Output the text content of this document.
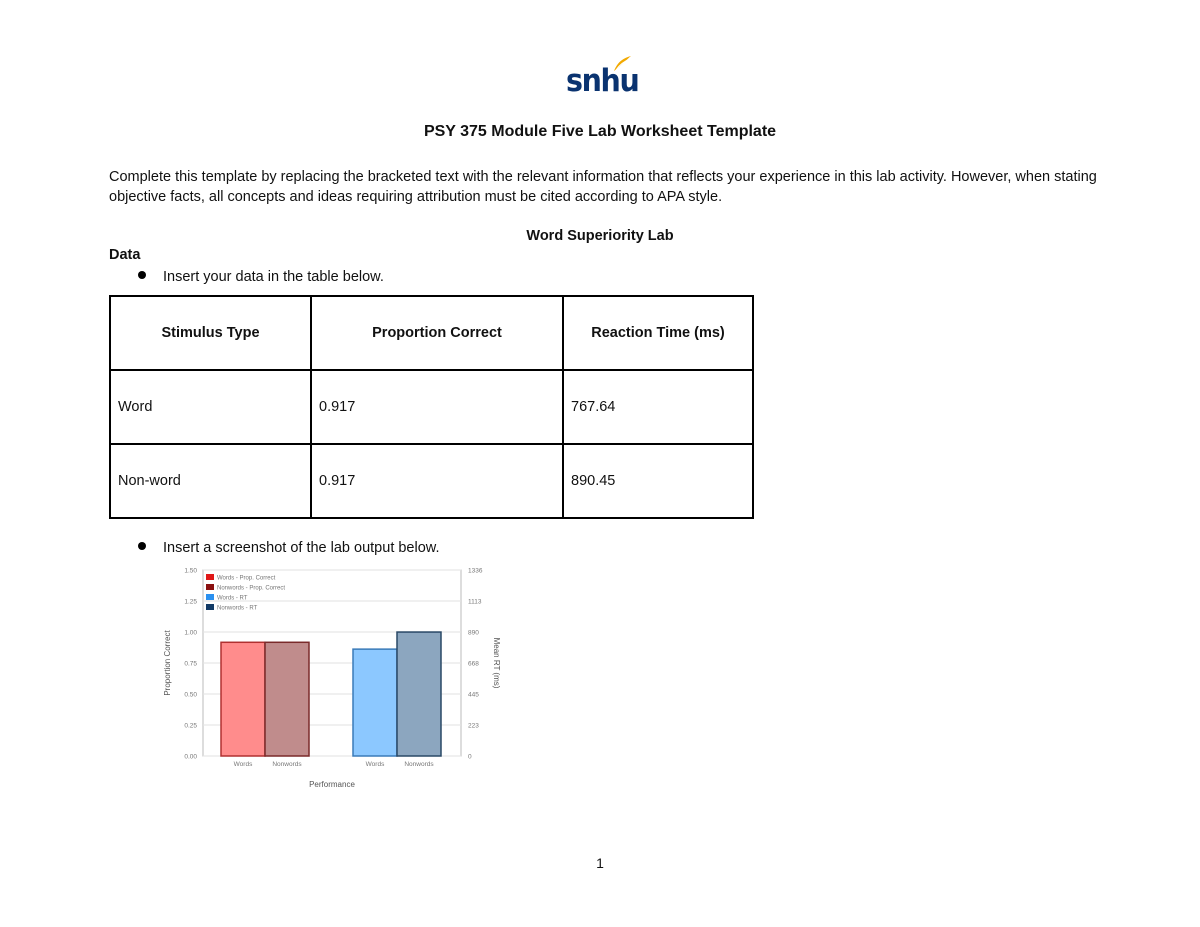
snhu
PSY 375 Module Five Lab Worksheet Template
Complete this template by replacing the bracketed text with the relevant information that reflects your experience in this lab activity. However, when stating objective facts, all concepts and ideas requiring attribution must be cited according to APA style.
Word Superiority Lab
Data
Insert your data in the table below.
Stimulus Type	Proportion Correct	Reaction Time (ms)
Word	0.917	767.64
Non-word	0.917	890.45
Insert a screenshot of the lab output below.
0.00
0.25
0.50
0.75
1.00
1.25
1.50
0
223
445
668
890
1113
1336
Words	Nonwords	Words	Nonwords
Performance
Proportion Correct	Mean RT (ms)
Words - Prop. Correct
Nonwords - Prop. Correct
Words - RT
Nonwords - RT
1
